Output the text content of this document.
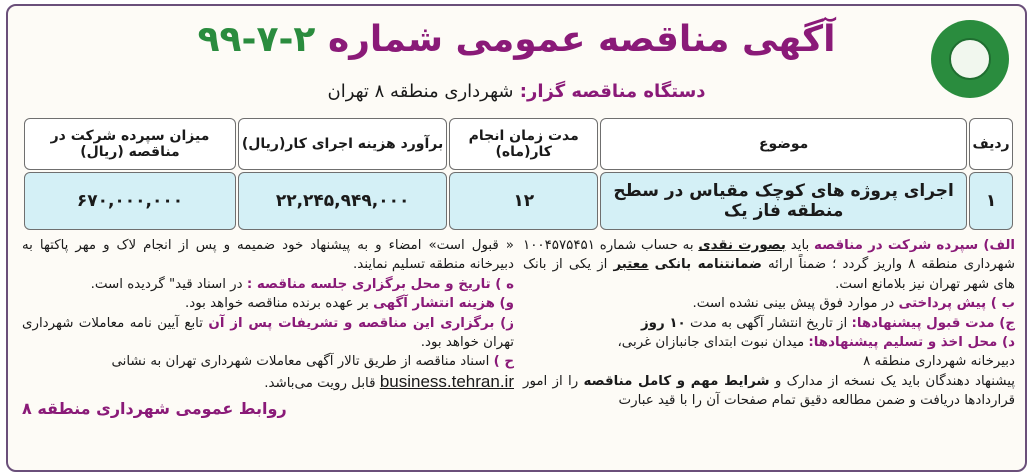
آگهی مناقصه عمومی شماره ۲-۷-۹۹
دستگاه مناقصه گزار: شهرداری منطقه ۸ تهران
ردیف	موضوع	مدت زمان انجام کار(ماه)	برآورد هزینه اجرای کار(ریال)	میزان سپرده شرکت در مناقصه (ریال)
۱	اجرای پروژه های کوچک مقیاس در سطح منطقه فاز یک	۱۲	۲۲,۲۴۵,۹۴۹,۰۰۰	۶۷۰,۰۰۰,۰۰۰

الف) سپرده شرکت در مناقصه باید بصورت نقدی به حساب شماره ۱۰۰۴۵۷۵۴۵۱ شهرداری منطقه ۸ واریز گردد ؛ ضمناً ارائه ضمانتنامه بانکی معتبر از یکی از بانک های شهر تهران نیز بلامانع است.

ب ) پیش پرداختی در موارد فوق پیش بینی نشده است.

ج) مدت قبول پیشنهادها: از تاریخ انتشار آگهی به مدت ۱۰ روز

د) محل اخذ و تسلیم پیشنهادها: میدان نبوت ابتدای جانبازان غربی،

دبیرخانه شهرداری منطقه ۸

پیشنهاد دهندگان باید یک نسخه از مدارک و شرایط مهم و کامل مناقصه را از امور قراردادها دریافت و ضمن مطالعه دقیق تمام صفحات آن را با قید عبارت

« قبول است» امضاء و به پیشنهاد خود ضمیمه و پس از انجام لاک و مهر پاکتها به دبیرخانه منطقه تسلیم نمایند.

ه ) تاریخ و محل برگزاری جلسه مناقصه : در اسناد قید" گردیده است.

و) هزینه انتشار آگهی بر عهده برنده مناقصه خواهد بود.

ز) برگزاری این مناقصه و تشریفات پس از آن تابع آیین نامه معاملات شهرداری تهران خواهد بود.

ح ) اسناد مناقصه از طریق تالار آگهی معاملات شهرداری تهران به نشانی

business.tehran.ir قابل رویت می‌باشد.

روابط عمومی شهرداری منطقه ۸
